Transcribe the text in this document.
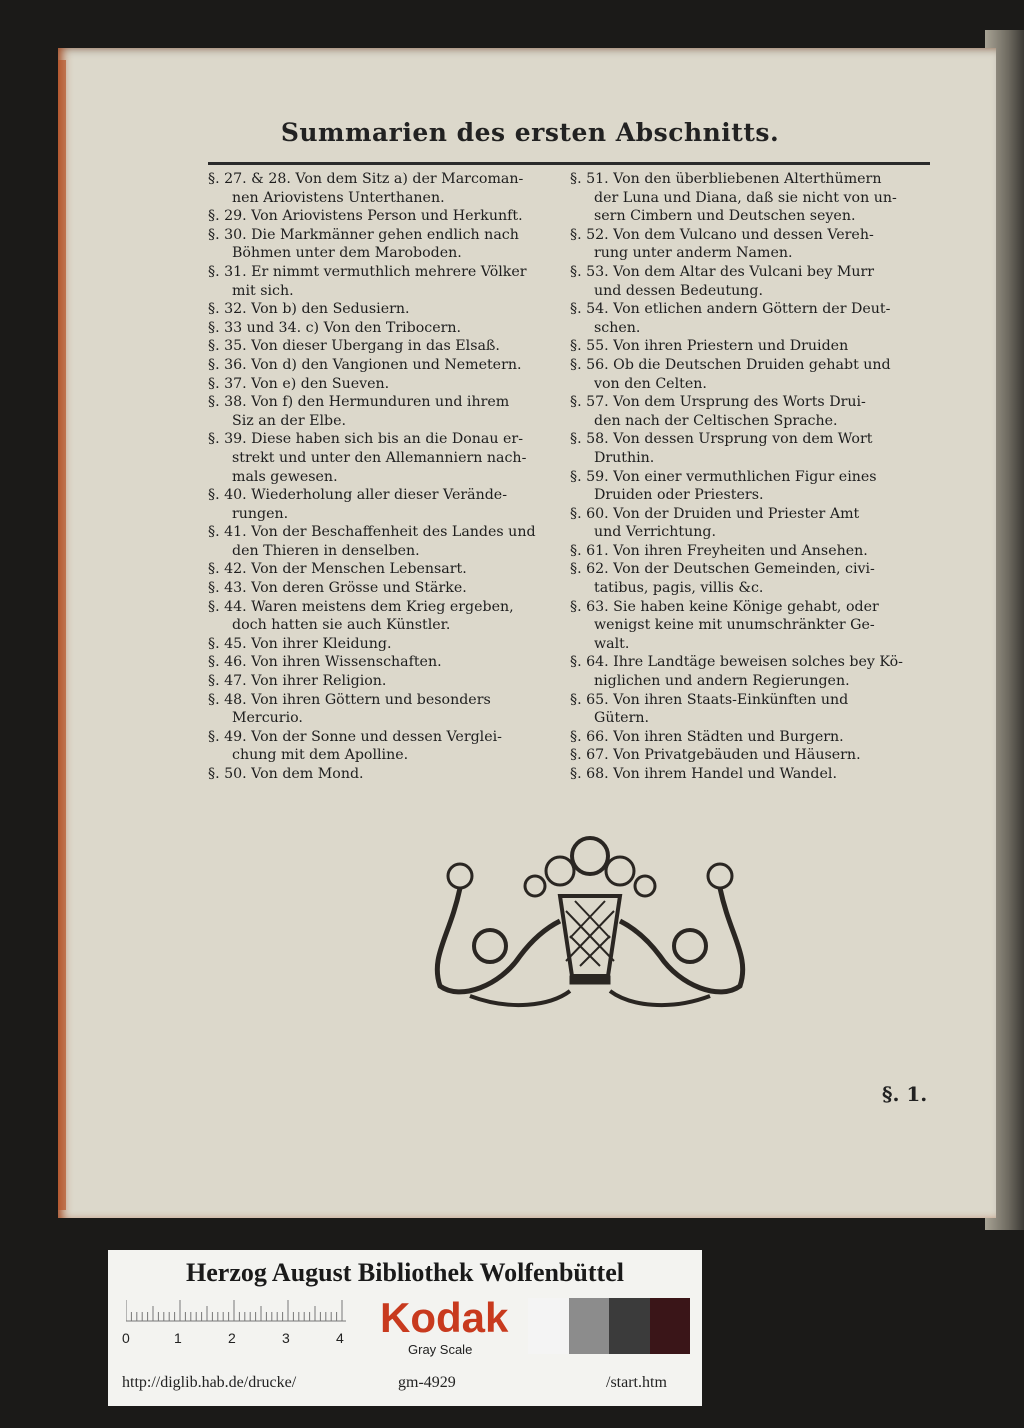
Summarien des ersten Abschnitts.
§. 27. & 28. Von dem Sitz a) der Marcoman-
nen Ariovistens Unterthanen.
§. 29. Von Ariovistens Person und Herkunft.
§. 30. Die Markmänner gehen endlich nach
Böhmen unter dem Maroboden.
§. 31. Er nimmt vermuthlich mehrere Völker
mit sich.
§. 32. Von b) den Sedusiern.
§. 33 und 34. c) Von den Tribocern.
§. 35. Von dieser Ubergang in das Elsaß.
§. 36. Von d) den Vangionen und Nemetern.
§. 37. Von e) den Sueven.
§. 38. Von f) den Hermunduren und ihrem
Siz an der Elbe.
§. 39. Diese haben sich bis an die Donau er-
strekt und unter den Allemanniern nach-
mals gewesen.
§. 40. Wiederholung aller dieser Verände-
rungen.
§. 41. Von der Beschaffenheit des Landes und
den Thieren in denselben.
§. 42. Von der Menschen Lebensart.
§. 43. Von deren Grösse und Stärke.
§. 44. Waren meistens dem Krieg ergeben,
doch hatten sie auch Künstler.
§. 45. Von ihrer Kleidung.
§. 46. Von ihren Wissenschaften.
§. 47. Von ihrer Religion.
§. 48. Von ihren Göttern und besonders
Mercurio.
§. 49. Von der Sonne und dessen Verglei-
chung mit dem Apolline.
§. 50. Von dem Mond.
§. 51. Von den überbliebenen Alterthümern
der Luna und Diana, daß sie nicht von un-
sern Cimbern und Deutschen seyen.
§. 52. Von dem Vulcano und dessen Vereh-
rung unter anderm Namen.
§. 53. Von dem Altar des Vulcani bey Murr
und dessen Bedeutung.
§. 54. Von etlichen andern Göttern der Deut-
schen.
§. 55. Von ihren Priestern und Druiden
§. 56. Ob die Deutschen Druiden gehabt und
von den Celten.
§. 57. Von dem Ursprung des Worts Drui-
den nach der Celtischen Sprache.
§. 58. Von dessen Ursprung von dem Wort
Druthin.
§. 59. Von einer vermuthlichen Figur eines
Druiden oder Priesters.
§. 60. Von der Druiden und Priester Amt
und Verrichtung.
§. 61. Von ihren Freyheiten und Ansehen.
§. 62. Von der Deutschen Gemeinden, civi-
tatibus, pagis, villis &c.
§. 63. Sie haben keine Könige gehabt, oder
wenigst keine mit unumschränkter Ge-
walt.
§. 64. Ihre Landtäge beweisen solches bey Kö-
niglichen und andern Regierungen.
§. 65. Von ihren Staats-Einkünften und
Gütern.
§. 66. Von ihren Städten und Burgern.
§. 67. Von Privatgebäuden und Häusern.
§. 68. Von ihrem Handel und Wandel.
§. 1.
Herzog August Bibliothek Wolfenbüttel
0	1	2	3	4 Kodak
Gray Scale
http://diglib.hab.de/drucke/	gm-4929	/start.htm
